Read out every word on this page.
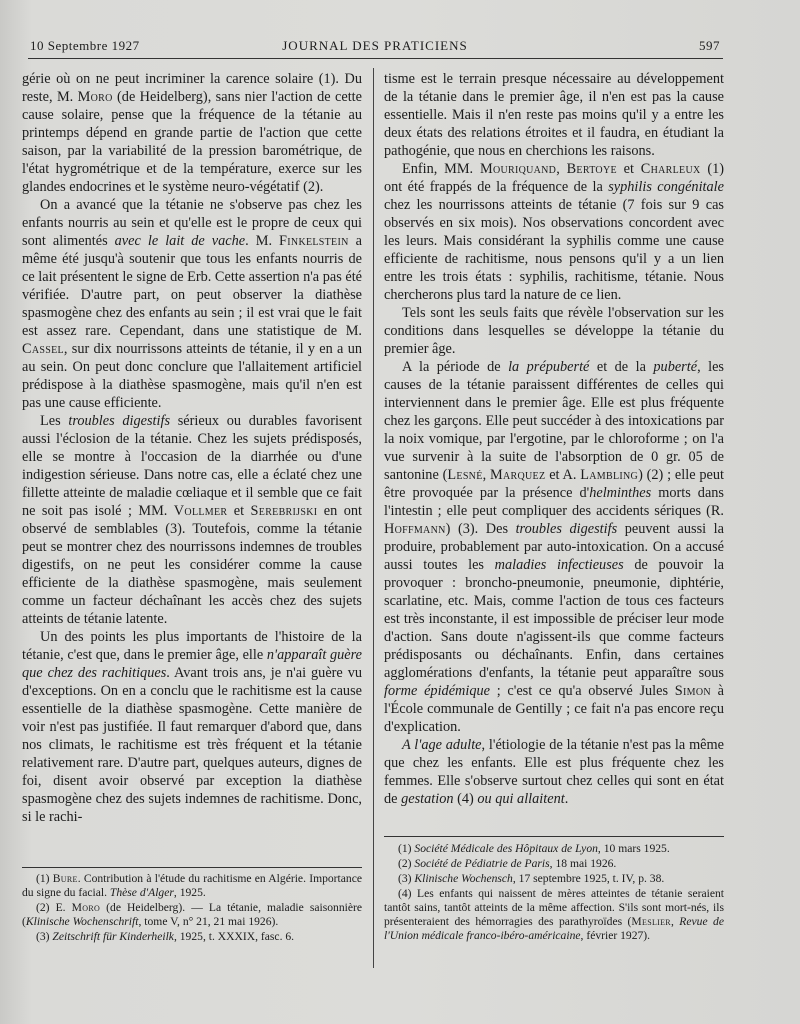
10 Septembre 1927	JOURNAL DES PRATICIENS	597

gérie où on ne peut incriminer la carence solaire (1). Du reste, M. Moro (de Heidelberg), sans nier l'action de cette cause solaire, pense que la fréquence de la tétanie au printemps dépend en grande partie de l'action que cette saison, par la variabilité de la pression barométrique, de l'état hygrométrique et de la température, exerce sur les glandes endocrines et le système neuro-végétatif (2).

On a avancé que la tétanie ne s'observe pas chez les enfants nourris au sein et qu'elle est le propre de ceux qui sont alimentés avec le lait de vache. M. Finkelstein a même été jusqu'à soutenir que tous les enfants nourris de ce lait présentent le signe de Erb. Cette assertion n'a pas été vérifiée. D'autre part, on peut observer la diathèse spasmogène chez des enfants au sein ; il est vrai que le fait est assez rare. Cependant, dans une statistique de M. Cassel, sur dix nourrissons atteints de tétanie, il y en a un au sein. On peut donc conclure que l'allaitement artificiel prédispose à la diathèse spasmogène, mais qu'il n'en est pas une cause efficiente.

Les troubles digestifs sérieux ou durables favorisent aussi l'éclosion de la tétanie. Chez les sujets prédisposés, elle se montre à l'occasion de la diarrhée ou d'une indigestion sérieuse. Dans notre cas, elle a éclaté chez une fillette atteinte de maladie cœliaque et il semble que ce fait ne soit pas isolé ; MM. Vollmer et Serebrijski en ont observé de semblables (3). Toutefois, comme la tétanie peut se montrer chez des nourrissons indemnes de troubles digestifs, on ne peut les considérer comme la cause efficiente de la diathèse spasmogène, mais seulement comme un facteur déchaînant les accès chez des sujets atteints de tétanie latente.

Un des points les plus importants de l'histoire de la tétanie, c'est que, dans le premier âge, elle n'apparaît guère que chez des rachitiques. Avant trois ans, je n'ai guère vu d'exceptions. On en a conclu que le rachitisme est la cause essentielle de la diathèse spasmogène. Cette manière de voir n'est pas justifiée. Il faut remarquer d'abord que, dans nos climats, le rachitisme est très fréquent et la tétanie relativement rare. D'autre part, quelques auteurs, dignes de foi, disent avoir observé par exception la diathèse spasmogène chez des sujets indemnes de rachitisme. Donc, si le rachi-

(1) Bure. Contribution à l'étude du rachitisme en Algérie. Importance du signe du facial. Thèse d'Alger, 1925.

(2) E. Moro (de Heidelberg). — La tétanie, maladie saisonnière (Klinische Wochenschrift, tome V, n° 21, 21 mai 1926).

(3) Zeitschrift für Kinderheilk, 1925, t. XXXIX, fasc. 6.

tisme est le terrain presque nécessaire au développement de la tétanie dans le premier âge, il n'en est pas la cause essentielle. Mais il n'en reste pas moins qu'il y a entre les deux états des relations étroites et il faudra, en étudiant la pathogénie, que nous en cherchions les raisons.

Enfin, MM. Mouriquand, Bertoye et Charleux (1) ont été frappés de la fréquence de la syphilis congénitale chez les nourrissons atteints de tétanie (7 fois sur 9 cas observés en six mois). Nos observations concordent avec les leurs. Mais considérant la syphilis comme une cause efficiente de rachitisme, nous pensons qu'il y a un lien entre les trois états : syphilis, rachitisme, tétanie. Nous chercherons plus tard la nature de ce lien.

Tels sont les seuls faits que révèle l'observation sur les conditions dans lesquelles se développe la tétanie du premier âge.

A la période de la prépuberté et de la puberté, les causes de la tétanie paraissent différentes de celles qui interviennent dans le premier âge. Elle est plus fréquente chez les garçons. Elle peut succéder à des intoxications par la noix vomique, par l'ergotine, par le chloroforme ; on l'a vue survenir à la suite de l'absorption de 0 gr. 05 de santonine (Lesné, Marquez et A. Lambling) (2) ; elle peut être provoquée par la présence d'helminthes morts dans l'intestin ; elle peut compliquer des accidents sériques (R. Hoffmann) (3). Des troubles digestifs peuvent aussi la produire, probablement par auto-intoxication. On a accusé aussi toutes les maladies infectieuses de pouvoir la provoquer : broncho-pneumonie, pneumonie, diphtérie, scarlatine, etc. Mais, comme l'action de tous ces facteurs est très inconstante, il est impossible de préciser leur mode d'action. Sans doute n'agissent-ils que comme facteurs prédisposants ou déchaînants. Enfin, dans certaines agglomérations d'enfants, la tétanie peut apparaître sous forme épidémique ; c'est ce qu'a observé Jules Simon à l'École communale de Gentilly ; ce fait n'a pas encore reçu d'explication.

A l'age adulte, l'étiologie de la tétanie n'est pas la même que chez les enfants. Elle est plus fréquente chez les femmes. Elle s'observe surtout chez celles qui sont en état de gestation (4) ou qui allaitent.

(1) Société Médicale des Hôpitaux de Lyon, 10 mars 1925.

(2) Société de Pédiatrie de Paris, 18 mai 1926.

(3) Klinische Wochensch, 17 septembre 1925, t. IV, p. 38.

(4) Les enfants qui naissent de mères atteintes de tétanie seraient tantôt sains, tantôt atteints de la même affection. S'ils sont mort-nés, ils présenteraient des hémorragies des parathyroïdes (Meslier, Revue de l'Union médicale franco-ibéro-américaine, février 1927).
